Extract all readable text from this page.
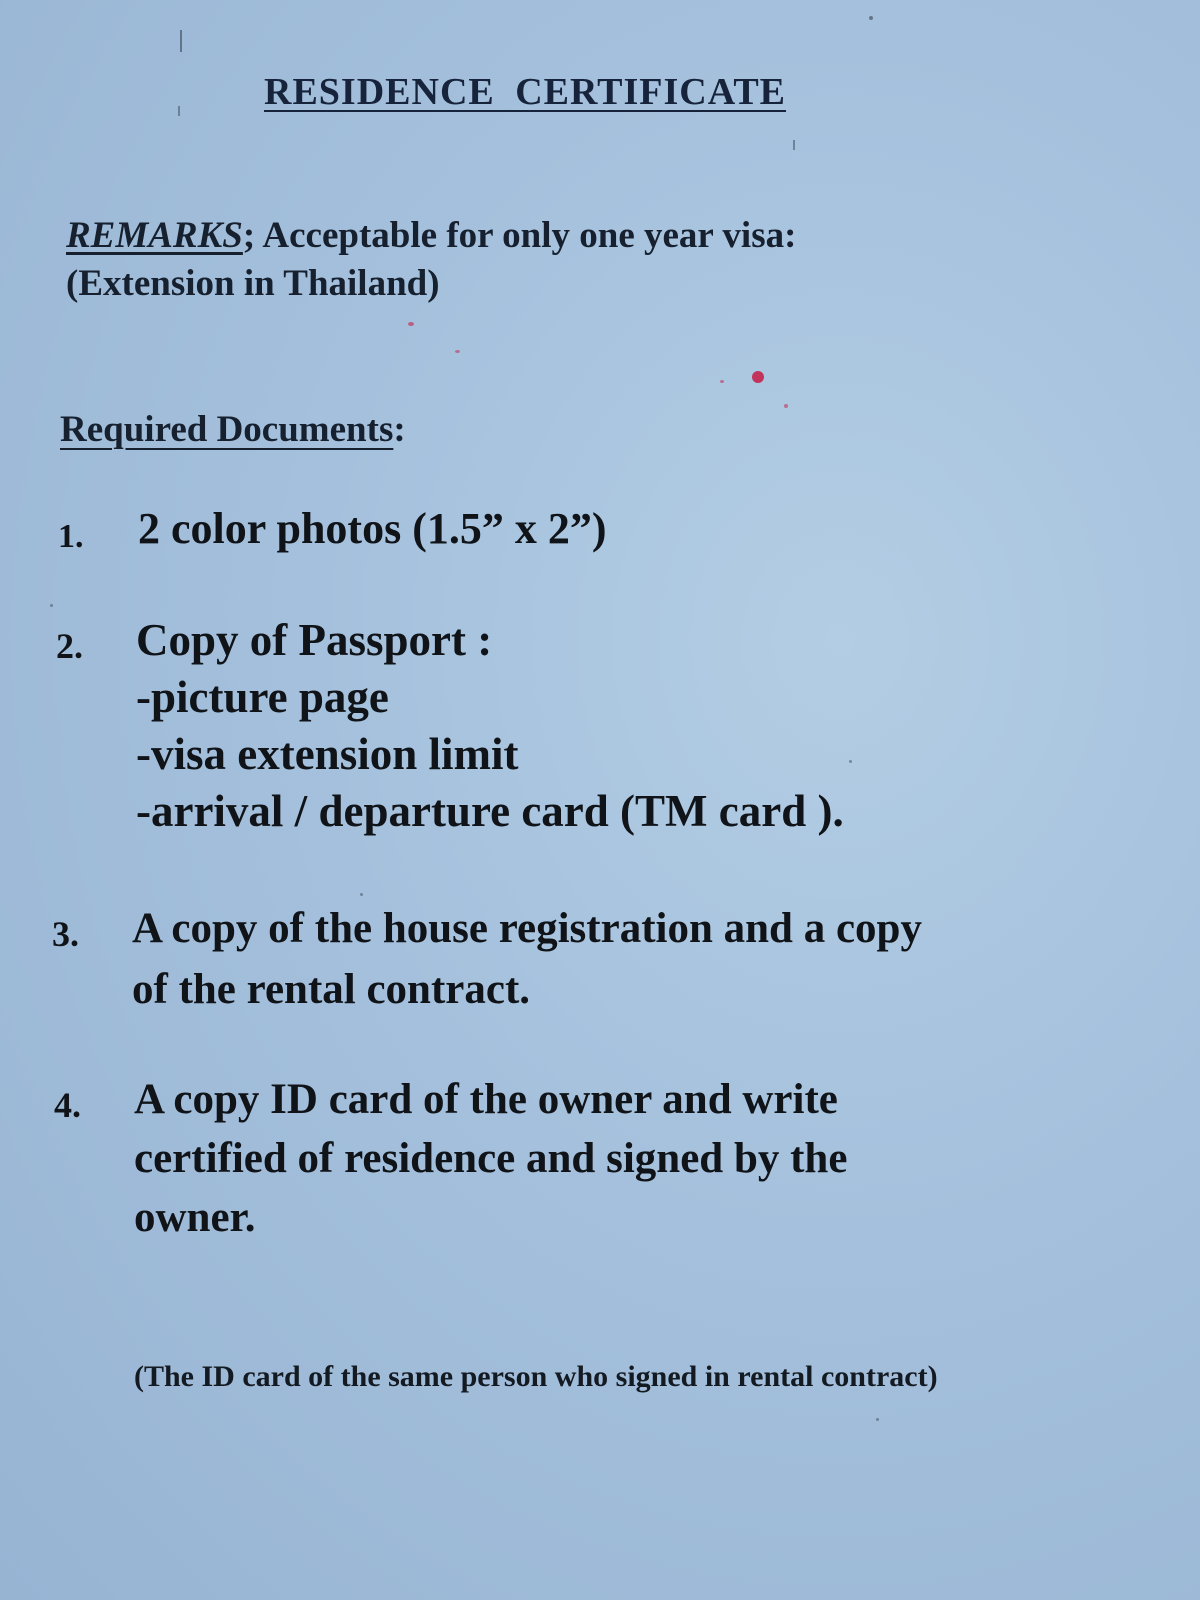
RESIDENCE CERTIFICATE
REMARKS; Acceptable for only one year visa:
(Extension in Thailand)
Required Documents:
1. 2 color photos (1.5” x 2”)
2. Copy of Passport :
-picture page
-visa extension limit
-arrival / departure card (TM card ).
3. A copy of the house registration and a copy
of the rental contract.
4. A copy ID card of the owner and write
certified of residence and signed by the
owner.
(The ID card of the same person who signed in rental contract)
